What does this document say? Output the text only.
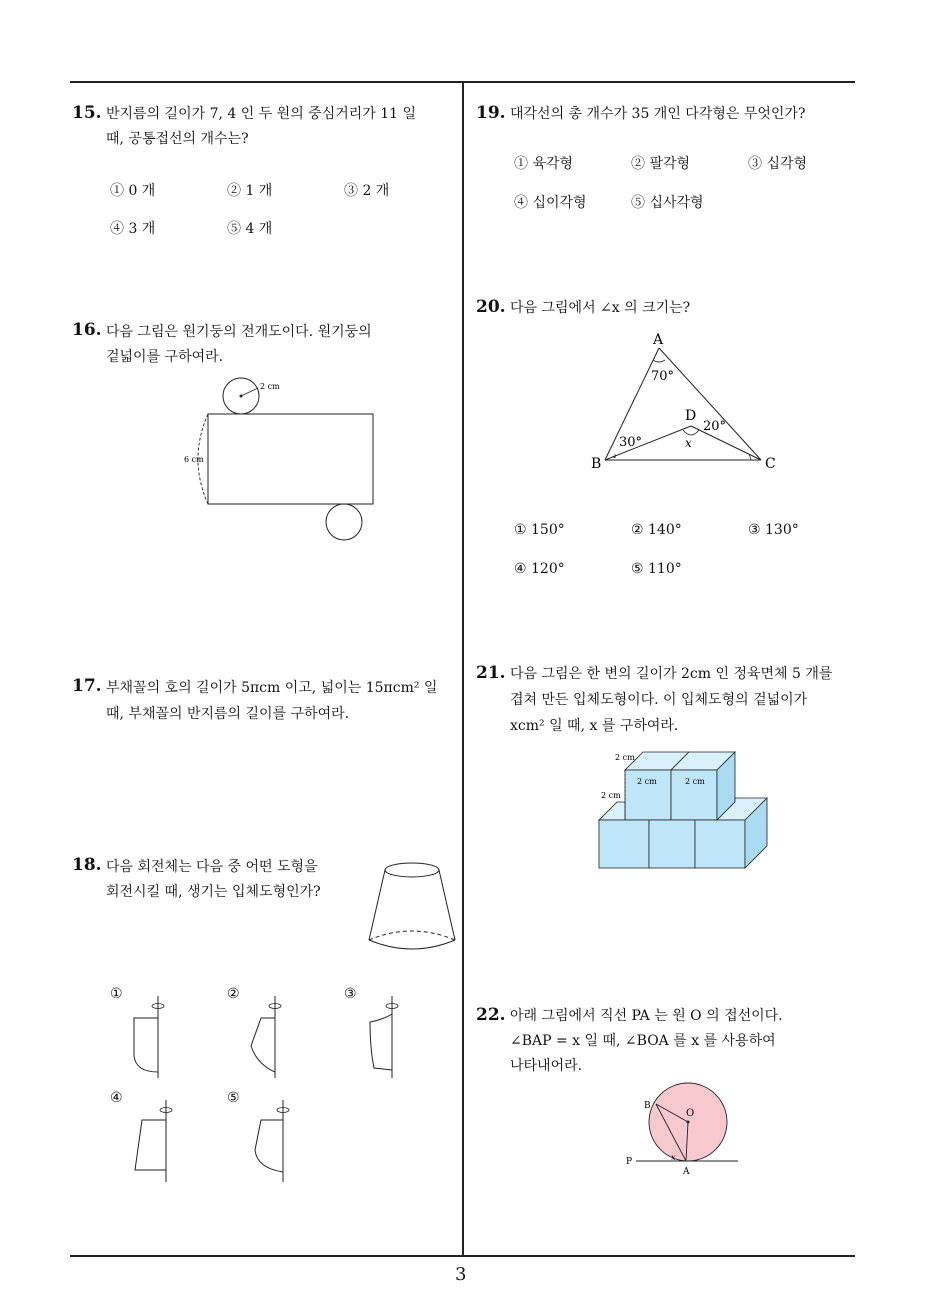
3
15. 반지름의 길이가 7, 4 인 두 원의 중심거리가 11 일
때, 공통접선의 개수는?
① 0 개	② 1 개	③ 2 개
④ 3 개	⑤ 4 개
16. 다음 그림은 원기둥의 전개도이다. 원기둥의
겉넓이를 구하여라.
2 cm
6 cm
17. 부채꼴의 호의 길이가 5πcm 이고, 넓이는 15πcm² 일
때, 부채꼴의 반지름의 길이를 구하여라.
18. 다음 회전체는 다음 중 어떤 도형을
회전시킬 때, 생기는 입체도형인가?
①	②	③
④	⑤
19. 대각선의 총 개수가 35 개인 다각형은 무엇인가?
① 육각형	② 팔각형	③ 십각형
④ 십이각형	⑤ 십사각형
20. 다음 그림에서 ∠x 의 크기는?
A
B	C
D
70°
30°
20°
x
① 150°	② 140°	③ 130°
④ 120°	⑤ 110°
21. 다음 그림은 한 변의 길이가 2cm 인 정육면체 5 개를
겹쳐 만든 입체도형이다. 이 입체도형의 겉넓이가
xcm² 일 때, x 를 구하여라.
2 cm
2 cm	2 cm
2 cm
22. 아래 그림에서 직선 PA 는 원 O 의 접선이다.
∠BAP = x 일 때, ∠BOA 를 x 를 사용하여
나타내어라.
B
O
P
A
x
